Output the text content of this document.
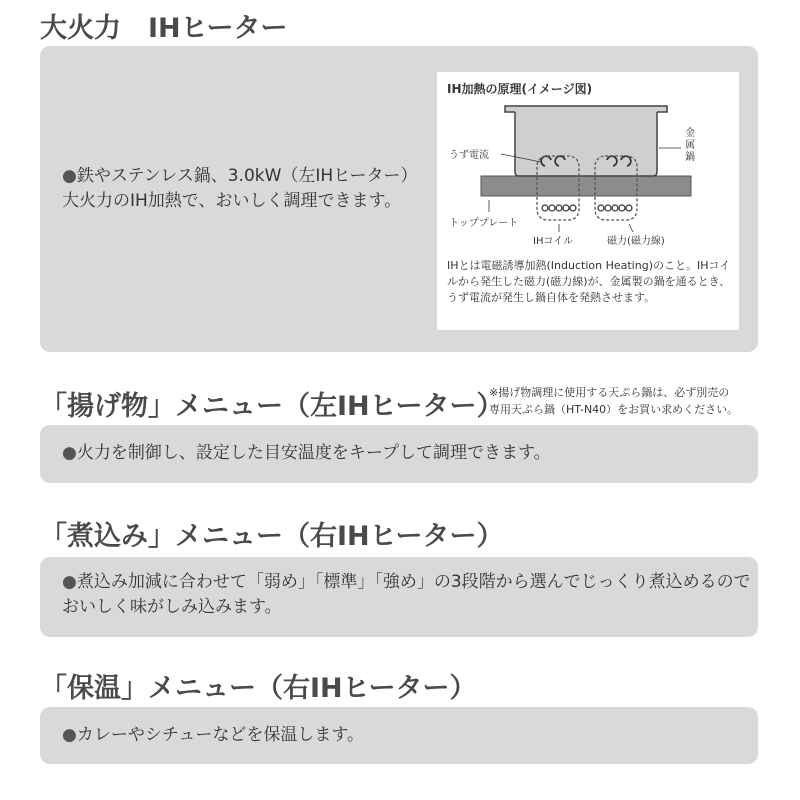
大火力　IHヒーター
●鉄やステンレス鍋、3.0kW（左IHヒーター）大火力のIH加熱で、おいしく調理できます。
IH加熱の原理(イメージ図)
うず電流
金属鍋
トッププレート
IHコイル	磁力(磁力線)
IHとは電磁誘導加熱(Induction Heating)のこと。IHコイルから発生した磁力(磁力線)が、金属製の鍋を通るとき、うず電流が発生し鍋自体を発熱させます。
「揚げ物」メニュー（左IHヒーター）
※揚げ物調理に使用する天ぷら鍋は、必ず別売の
専用天ぷら鍋（HT-N40）をお買い求めください。
●火力を制御し、設定した目安温度をキープして調理できます。
「煮込み」メニュー（右IHヒーター）
●煮込み加減に合わせて「弱め」「標準」「強め」の3段階から選んでじっくり煮込めるのでおいしく味がしみ込みます。
「保温」メニュー（右IHヒーター）
●カレーやシチューなどを保温します。
